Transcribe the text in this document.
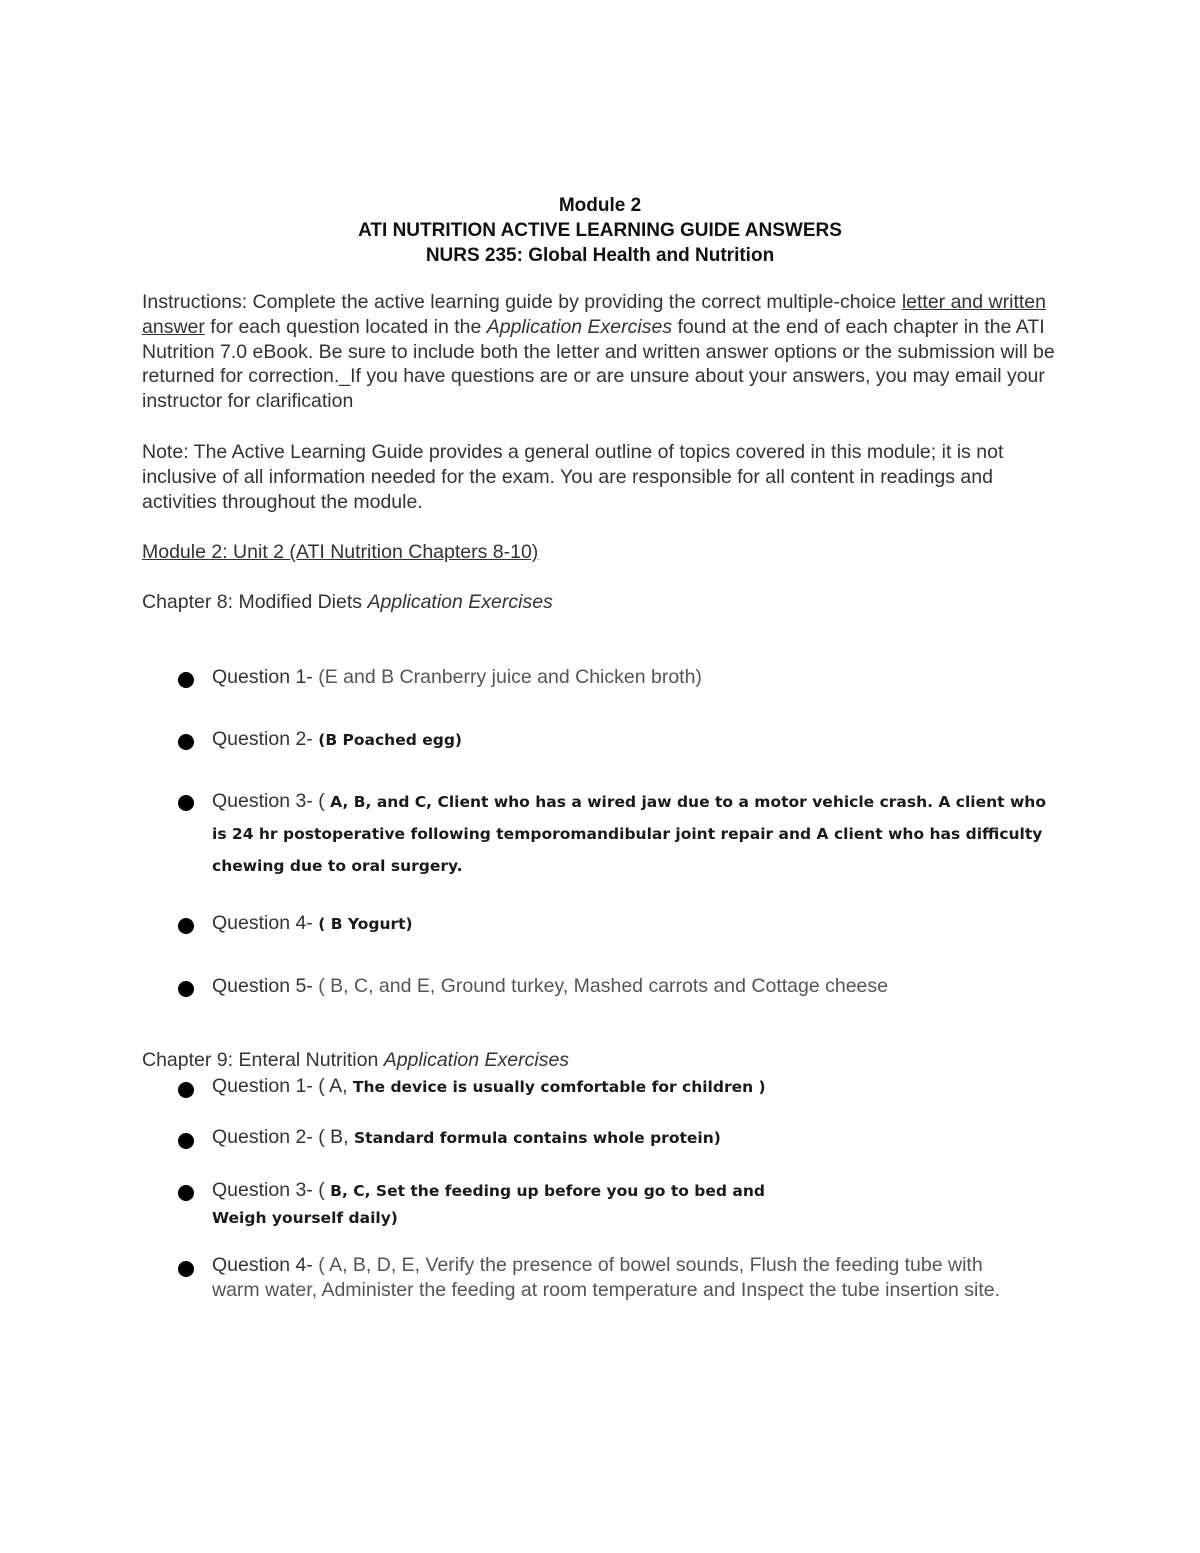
Module 2
ATI NUTRITION ACTIVE LEARNING GUIDE ANSWERS
NURS 235: Global Health and Nutrition
Instructions: Complete the active learning guide by providing the correct multiple-choice letter and written answer for each question located in the Application Exercises found at the end of each chapter in the ATI Nutrition 7.0 eBook. Be sure to include both the letter and written answer options or the submission will be returned for correction._If you have questions are or are unsure about your answers, you may email your instructor for clarification
Note: The Active Learning Guide provides a general outline of topics covered in this module; it is not inclusive of all information needed for the exam. You are responsible for all content in readings and activities throughout the module.
Module 2: Unit 2 (ATI Nutrition Chapters 8-10)
Chapter 8: Modified Diets Application Exercises
Question 1- (E and B Cranberry juice and Chicken broth)
Question 2- (B Poached egg)
Question 3- ( A, B, and C, Client who has a wired jaw due to a motor vehicle crash. A client who is 24 hr postoperative following temporomandibular joint repair and A client who has difficulty chewing due to oral surgery.
Question 4- ( B Yogurt)
Question 5- ( B, C, and E, Ground turkey, Mashed carrots and Cottage cheese
Chapter 9: Enteral Nutrition Application Exercises
Question 1- ( A, The device is usually comfortable for children )
Question 2- ( B, Standard formula contains whole protein)
Question 3- ( B, C, Set the feeding up before you go to bed and
Weigh yourself daily)
Question 4- ( A, B, D, E, Verify the presence of bowel sounds, Flush the feeding tube with warm water, Administer the feeding at room temperature and Inspect the tube insertion site.
